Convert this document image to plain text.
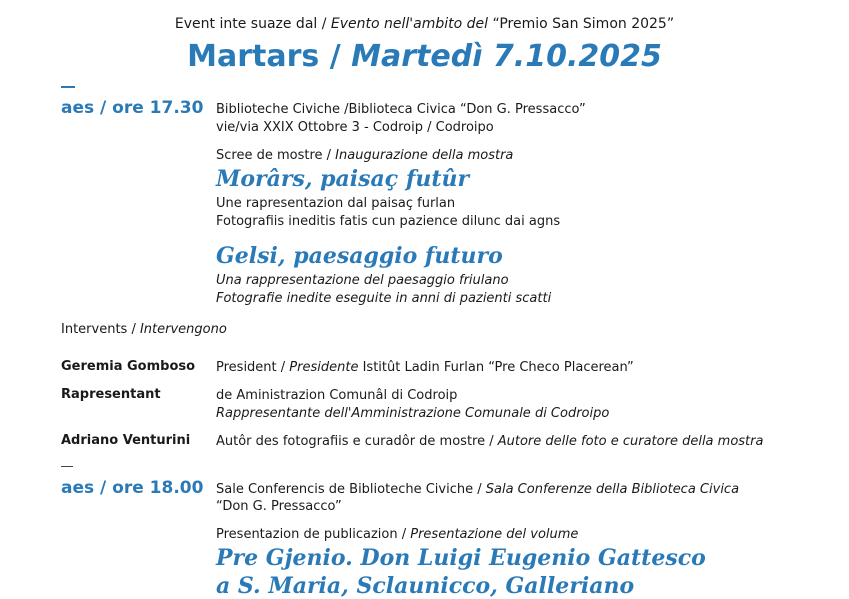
Event inte suaze dal / Evento nell'ambito del “Premio San Simon 2025”
Martars / Martedì 7.10.2025
aes / ore 17.30 Biblioteche Civiche /Biblioteca Civica “Don G. Pressacco”
vie/via XXIX Ottobre 3 - Codroip / Codroipo
Scree de mostre / Inaugurazione della mostra
Morârs, paisaç futûr
Une rapresentazion dal paisaç furlan
Fotografiis ineditis fatis cun pazience dilunc dai agns
Gelsi, paesaggio futuro
Una rappresentazione del paesaggio friulano
Fotografie inedite eseguite in anni di pazienti scatti
Intervents / Intervengono
Geremia Gomboso President / Presidente Istitût Ladin Furlan “Pre Checo Placerean”
Rapresentant	de Aministrazion Comunâl di Codroip
Rappresentante dell'Amministrazione Comunale di Codroipo
Adriano Venturini Autôr des fotografiis e curadôr de mostre / Autore delle foto e curatore della mostra
aes / ore 18.00 Sale Conferencis de Biblioteche Civiche / Sala Conferenze della Biblioteca Civica
“Don G. Pressacco”
Presentazion de publicazion / Presentazione del volume
Pre Gjenio. Don Luigi Eugenio Gattesco
a S. Maria, Sclaunicco, Galleriano
